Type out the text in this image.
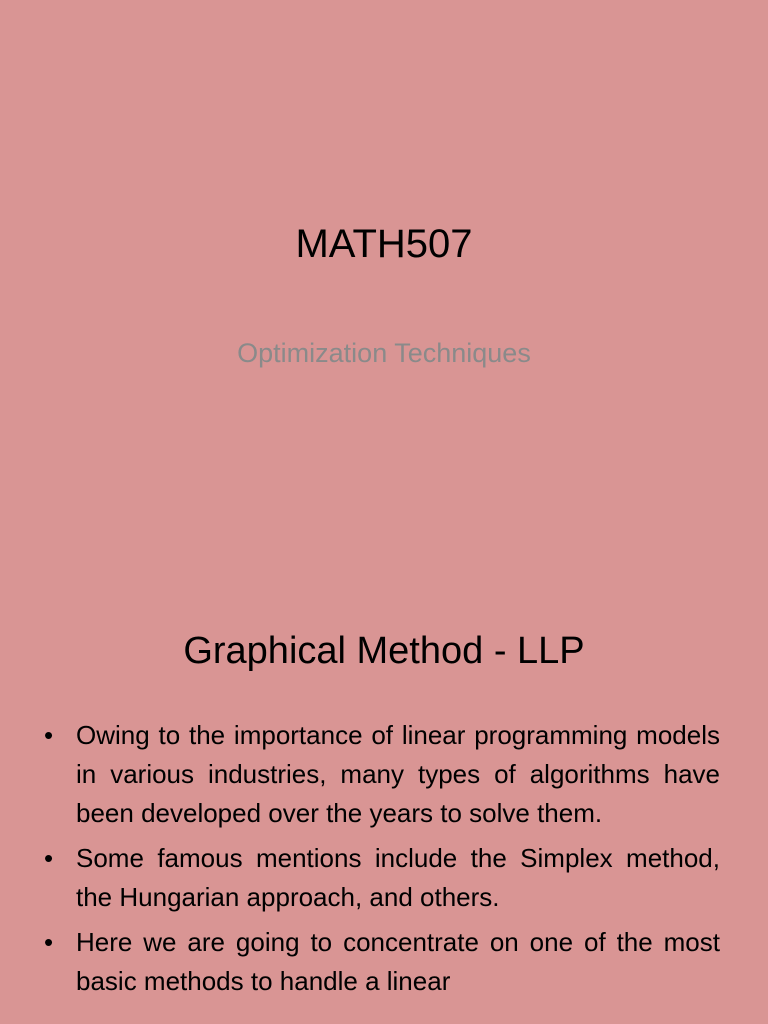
MATH507
Optimization Techniques
Graphical Method - LLP
• Owing to the importance of linear programming models in various industries, many types of algorithms have been developed over the years to solve them.
• Some famous mentions include the Simplex method, the Hungarian approach, and others.
• Here we are going to concentrate on one of the most basic methods to handle a linear
